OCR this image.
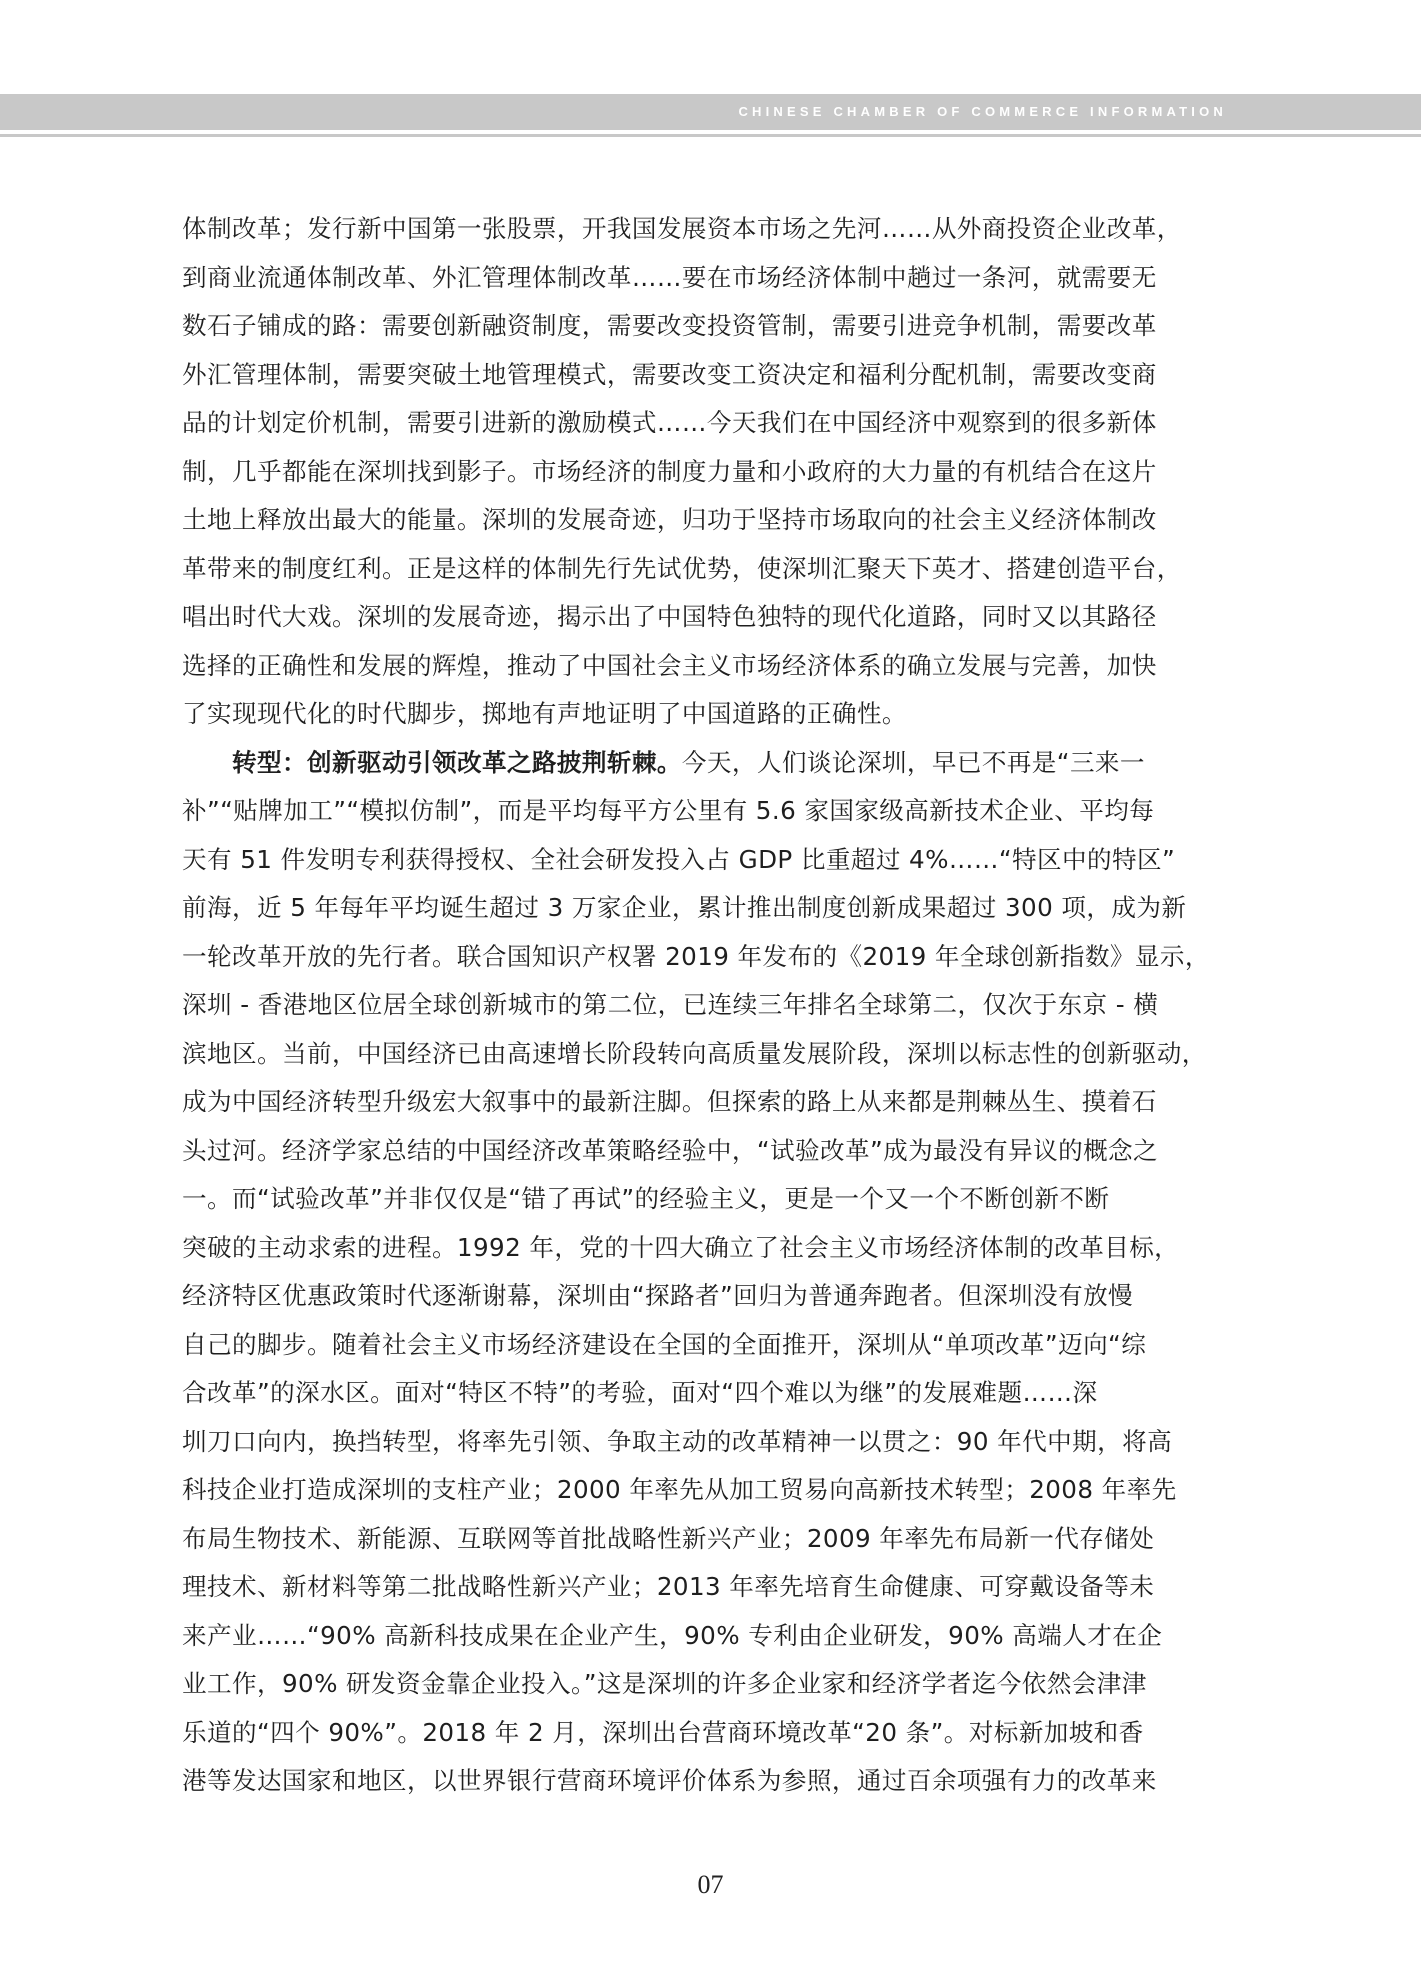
CHINESE CHAMBER OF COMMERCE INFORMATION

体制改革；发行新中国第一张股票，开我国发展资本市场之先河……从外商投资企业改革，
到商业流通体制改革、外汇管理体制改革……要在市场经济体制中趟过一条河，就需要无
数石子铺成的路：需要创新融资制度，需要改变投资管制，需要引进竞争机制，需要改革
外汇管理体制，需要突破土地管理模式，需要改变工资决定和福利分配机制，需要改变商
品的计划定价机制，需要引进新的激励模式……今天我们在中国经济中观察到的很多新体
制，几乎都能在深圳找到影子。市场经济的制度力量和小政府的大力量的有机结合在这片
土地上释放出最大的能量。深圳的发展奇迹，归功于坚持市场取向的社会主义经济体制改
革带来的制度红利。正是这样的体制先行先试优势，使深圳汇聚天下英才、搭建创造平台，
唱出时代大戏。深圳的发展奇迹，揭示出了中国特色独特的现代化道路，同时又以其路径
选择的正确性和发展的辉煌，推动了中国社会主义市场经济体系的确立发展与完善，加快
了实现现代化的时代脚步，掷地有声地证明了中国道路的正确性。

　　转型：创新驱动引领改革之路披荆斩棘。今天，人们谈论深圳，早已不再是“三来一
补”“贴牌加工”“模拟仿制”，而是平均每平方公里有 5.6 家国家级高新技术企业、平均每
天有 51 件发明专利获得授权、全社会研发投入占 GDP 比重超过 4%……“特区中的特区”
前海，近 5 年每年平均诞生超过 3 万家企业，累计推出制度创新成果超过 300 项，成为新
一轮改革开放的先行者。联合国知识产权署 2019 年发布的《2019 年全球创新指数》显示，
深圳 - 香港地区位居全球创新城市的第二位，已连续三年排名全球第二，仅次于东京 - 横
滨地区。当前，中国经济已由高速增长阶段转向高质量发展阶段，深圳以标志性的创新驱动，
成为中国经济转型升级宏大叙事中的最新注脚。但探索的路上从来都是荆棘丛生、摸着石
头过河。经济学家总结的中国经济改革策略经验中，“试验改革”成为最没有异议的概念之
一。而“试验改革”并非仅仅是“错了再试”的经验主义，更是一个又一个不断创新不断
突破的主动求索的进程。1992 年，党的十四大确立了社会主义市场经济体制的改革目标，
经济特区优惠政策时代逐渐谢幕，深圳由“探路者”回归为普通奔跑者。但深圳没有放慢
自己的脚步。随着社会主义市场经济建设在全国的全面推开，深圳从“单项改革”迈向“综
合改革”的深水区。面对“特区不特”的考验，面对“四个难以为继”的发展难题……深
圳刀口向内，换挡转型，将率先引领、争取主动的改革精神一以贯之：90 年代中期，将高
科技企业打造成深圳的支柱产业；2000 年率先从加工贸易向高新技术转型；2008 年率先
布局生物技术、新能源、互联网等首批战略性新兴产业；2009 年率先布局新一代存储处
理技术、新材料等第二批战略性新兴产业；2013 年率先培育生命健康、可穿戴设备等未
来产业……“90% 高新科技成果在企业产生，90% 专利由企业研发，90% 高端人才在企
业工作，90% 研发资金靠企业投入。”这是深圳的许多企业家和经济学者迄今依然会津津
乐道的“四个 90%”。2018 年 2 月，深圳出台营商环境改革“20 条”。对标新加坡和香
港等发达国家和地区，以世界银行营商环境评价体系为参照，通过百余项强有力的改革来

07
